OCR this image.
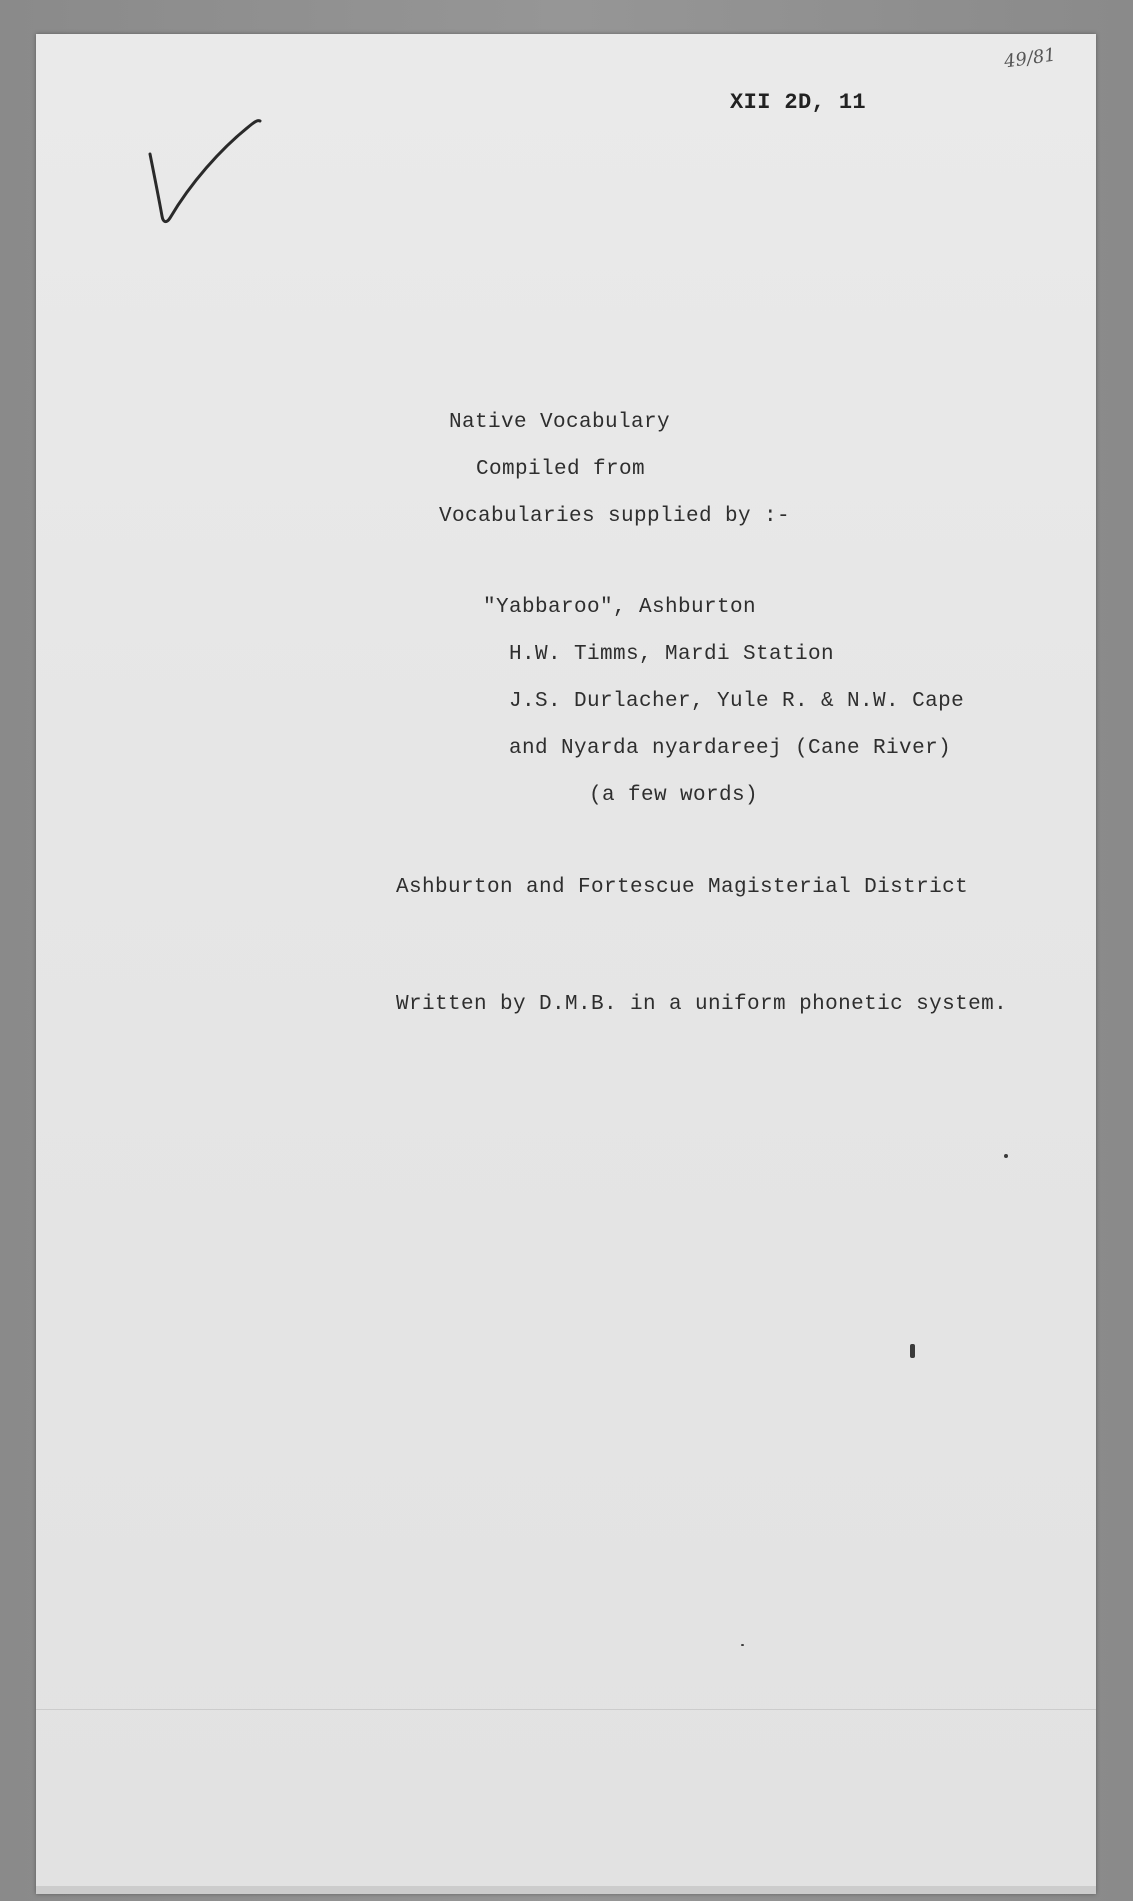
49/81
XII 2D, 11
Native Vocabulary
Compiled from
Vocabularies supplied by :-
"Yabbaroo", Ashburton
H.W. Timms, Mardi Station
J.S. Durlacher, Yule R. & N.W. Cape
and Nyarda nyardareej (Cane River)
(a few words)
Ashburton and Fortescue Magisterial District
Written by D.M.B. in a uniform phonetic system.
